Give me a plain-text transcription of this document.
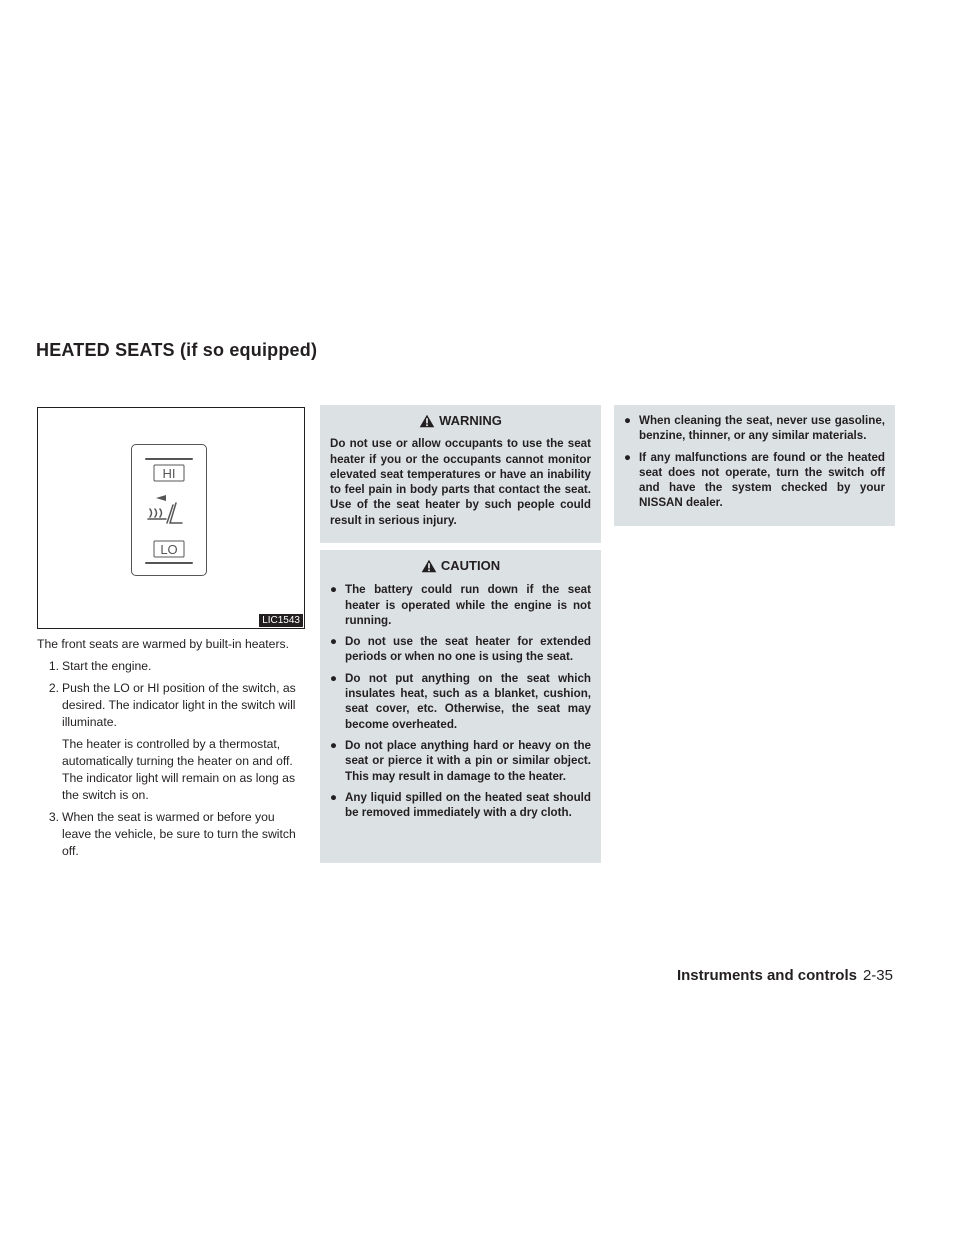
HEATED SEATS (if so equipped)
HI
LO
LIC1543

The front seats are warmed by built-in heaters.

1. Start the engine.
2. Push the LO or HI position of the switch, as desired. The indicator light in the switch will illuminate.
The heater is controlled by a thermostat, automatically turning the heater on and off. The indicator light will remain on as long as the switch is on.
3. When the seat is warmed or before you leave the vehicle, be sure to turn the switch off.
WARNING

Do not use or allow occupants to use the seat heater if you or the occupants cannot monitor elevated seat temperatures or have an inability to feel pain in body parts that contact the seat. Use of the seat heater by such people could result in serious injury.

CAUTION
● The battery could run down if the seat heater is operated while the engine is not running.
● Do not use the seat heater for extended periods or when no one is using the seat.
● Do not put anything on the seat which insulates heat, such as a blanket, cushion, seat cover, etc. Otherwise, the seat may become overheated.
● Do not place anything hard or heavy on the seat or pierce it with a pin or similar object. This may result in damage to the heater.
● Any liquid spilled on the heated seat should be removed immediately with a dry cloth.
● When cleaning the seat, never use gasoline, benzine, thinner, or any similar materials.
● If any malfunctions are found or the heated seat does not operate, turn the switch off and have the system checked by your NISSAN dealer.
Instruments and controls 2-35
